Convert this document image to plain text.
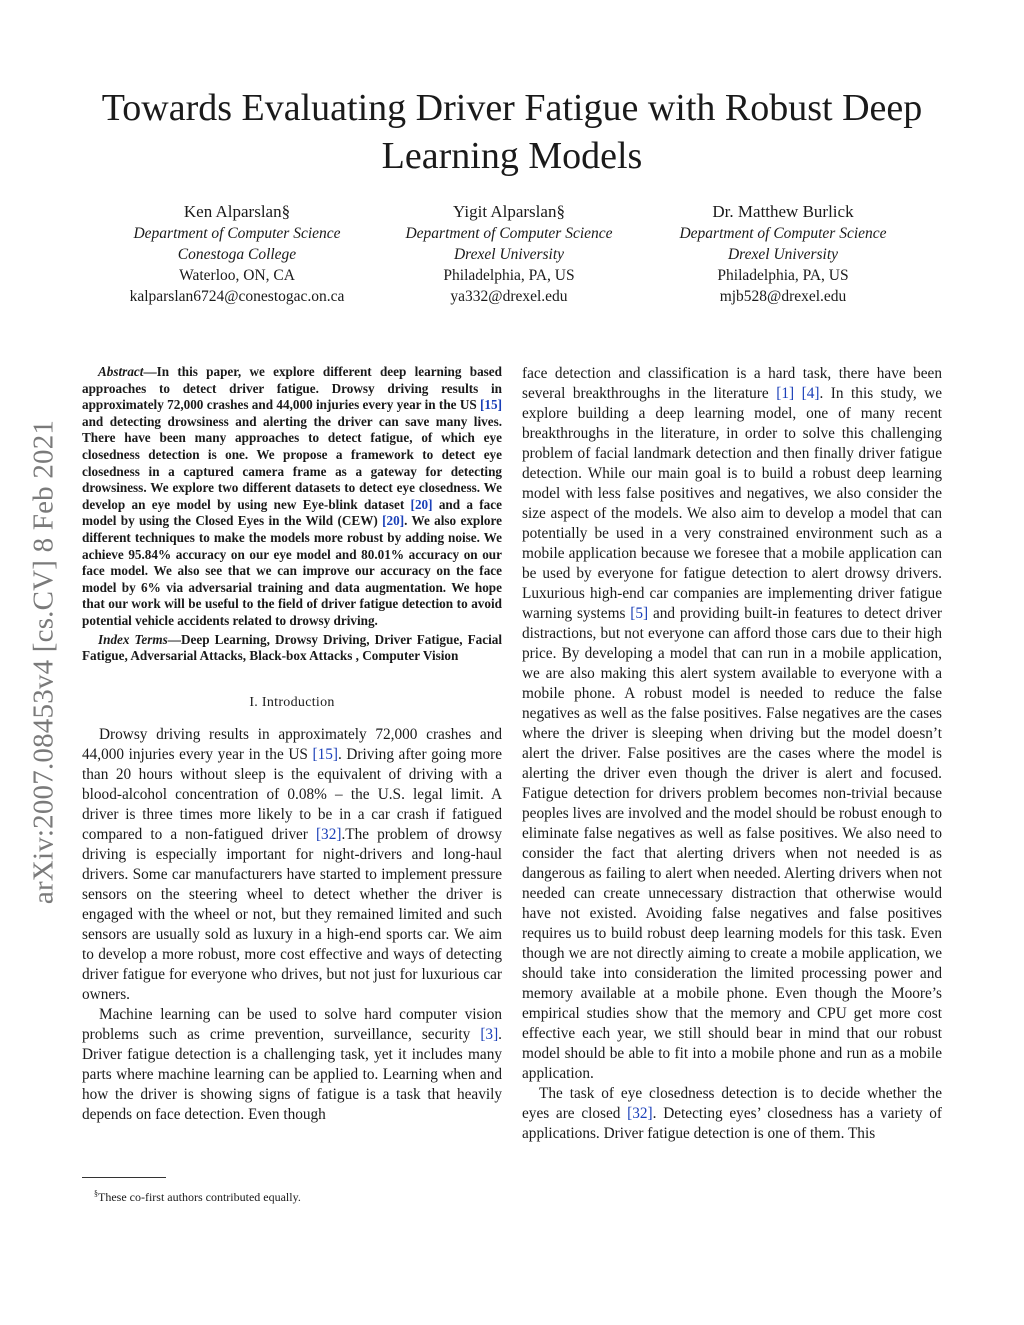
Towards Evaluating Driver Fatigue with Robust Deep Learning Models
Ken Alparslan§
Department of Computer Science
Conestoga College
Waterloo, ON, CA
kalparslan6724@conestogac.on.ca
Yigit Alparslan§
Department of Computer Science
Drexel University
Philadelphia, PA, US
ya332@drexel.edu
Dr. Matthew Burlick
Department of Computer Science
Drexel University
Philadelphia, PA, US
mjb528@drexel.edu
arXiv:2007.08453v4 [cs.CV] 8 Feb 2021

Abstract—In this paper, we explore different deep learning based approaches to detect driver fatigue. Drowsy driving results in approximately 72,000 crashes and 44,000 injuries every year in the US [15] and detecting drowsiness and alerting the driver can save many lives. There have been many approaches to detect fatigue, of which eye closedness detection is one. We propose a framework to detect eye closedness in a captured camera frame as a gateway for detecting drowsiness. We explore two different datasets to detect eye closedness. We develop an eye model by using new Eye-blink dataset [20] and a face model by using the Closed Eyes in the Wild (CEW) [20]. We also explore different techniques to make the models more robust by adding noise. We achieve 95.84% accuracy on our eye model and 80.01% accuracy on our face model. We also see that we can improve our accuracy on the face model by 6% via adversarial training and data augmentation. We hope that our work will be useful to the field of driver fatigue detection to avoid potential vehicle accidents related to drowsy driving.

Index Terms—Deep Learning, Drowsy Driving, Driver Fatigue, Facial Fatigue, Adversarial Attacks, Black-box Attacks , Computer Vision

I. Introduction

Drowsy driving results in approximately 72,000 crashes and 44,000 injuries every year in the US [15]. Driving after going more than 20 hours without sleep is the equivalent of driving with a blood-alcohol concentration of 0.08% – the U.S. legal limit. A driver is three times more likely to be in a car crash if fatigued compared to a non-fatigued driver [32].The problem of drowsy driving is especially important for night-drivers and long-haul drivers. Some car manufacturers have started to implement pressure sensors on the steering wheel to detect whether the driver is engaged with the wheel or not, but they remained limited and such sensors are usually sold as luxury in a high-end sports car. We aim to develop a more robust, more cost effective and ways of detecting driver fatigue for everyone who drives, but not just for luxurious car owners.

Machine learning can be used to solve hard computer vision problems such as crime prevention, surveillance, security [3]. Driver fatigue detection is a challenging task, yet it includes many parts where machine learning can be applied to. Learning when and how the driver is showing signs of fatigue is a task that heavily depends on face detection. Even though

§These co-first authors contributed equally.

face detection and classification is a hard task, there have been several breakthroughs in the literature [1] [4]. In this study, we explore building a deep learning model, one of many recent breakthroughs in the literature, in order to solve this challenging problem of facial landmark detection and then finally driver fatigue detection. While our main goal is to build a robust deep learning model with less false positives and negatives, we also consider the size aspect of the models. We also aim to develop a model that can potentially be used in a very constrained environment such as a mobile application because we foresee that a mobile application can be used by everyone for fatigue detection to alert drowsy drivers. Luxurious high-end car companies are implementing driver fatigue warning systems [5] and providing built-in features to detect driver distractions, but not everyone can afford those cars due to their high price. By developing a model that can run in a mobile application, we are also making this alert system available to everyone with a mobile phone. A robust model is needed to reduce the false negatives as well as the false positives. False negatives are the cases where the driver is sleeping when driving but the model doesn’t alert the driver. False positives are the cases where the model is alerting the driver even though the driver is alert and focused. Fatigue detection for drivers problem becomes non-trivial because peoples lives are involved and the model should be robust enough to eliminate false negatives as well as false positives. We also need to consider the fact that alerting drivers when not needed is as dangerous as failing to alert when needed. Alerting drivers when not needed can create unnecessary distraction that otherwise would have not existed. Avoiding false negatives and false positives requires us to build robust deep learning models for this task. Even though we are not directly aiming to create a mobile application, we should take into consideration the limited processing power and memory available at a mobile phone. Even though the Moore’s empirical studies show that the memory and CPU get more cost effective each year, we still should bear in mind that our robust model should be able to fit into a mobile phone and run as a mobile application.

The task of eye closedness detection is to decide whether the eyes are closed [32]. Detecting eyes’ closedness has a variety of applications. Driver fatigue detection is one of them. This
